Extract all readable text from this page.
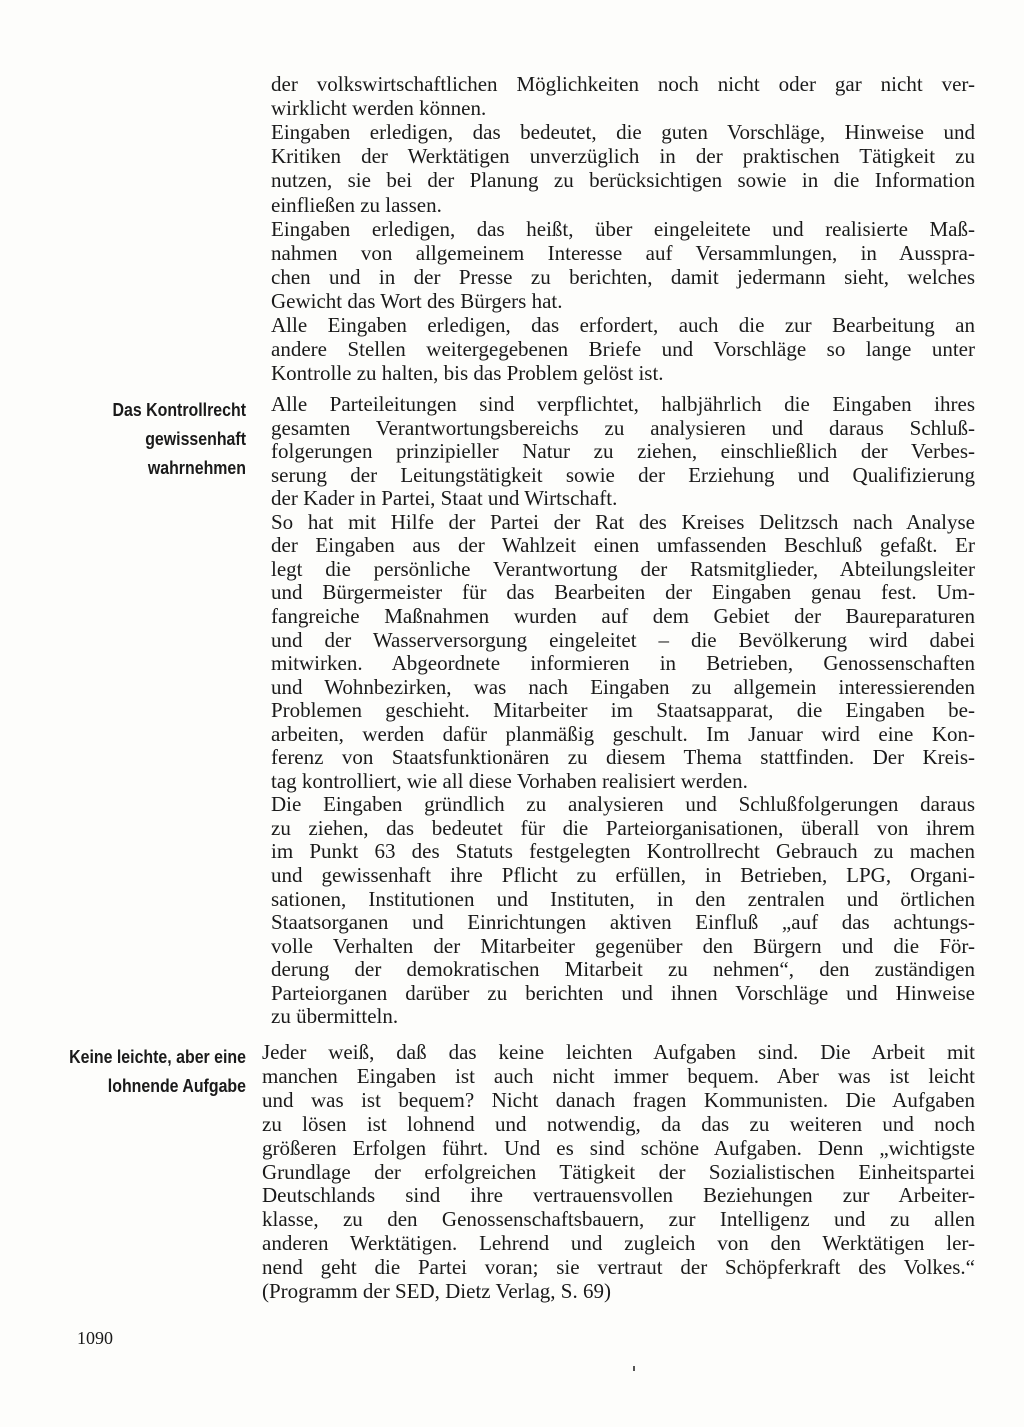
Das Kontrollrecht
gewissenhaft
wahrnehmen
Keine leichte, aber eine
lohnende Aufgabe
der volkswirtschaftlichen Möglichkeiten noch nicht oder gar nicht ver-
wirklicht werden können.
Eingaben erledigen, das bedeutet, die guten Vorschläge, Hinweise und
Kritiken der Werktätigen unverzüglich in der praktischen Tätigkeit zu
nutzen, sie bei der Planung zu berücksichtigen sowie in die Information
einfließen zu lassen.
Eingaben erledigen, das heißt, über eingeleitete und realisierte Maß-
nahmen von allgemeinem Interesse auf Versammlungen, in Ausspra-
chen und in der Presse zu berichten, damit jedermann sieht, welches
Gewicht das Wort des Bürgers hat.
Alle Eingaben erledigen, das erfordert, auch die zur Bearbeitung an
andere Stellen weitergegebenen Briefe und Vorschläge so lange unter
Kontrolle zu halten, bis das Problem gelöst ist.
Alle Parteileitungen sind verpflichtet, halbjährlich die Eingaben ihres
gesamten Verantwortungsbereichs zu analysieren und daraus Schluß-
folgerungen prinzipieller Natur zu ziehen, einschließlich der Verbes-
serung der Leitungstätigkeit sowie der Erziehung und Qualifizierung
der Kader in Partei, Staat und Wirtschaft.
So hat mit Hilfe der Partei der Rat des Kreises Delitzsch nach Analyse
der Eingaben aus der Wahlzeit einen umfassenden Beschluß gefaßt. Er
legt die persönliche Verantwortung der Ratsmitglieder, Abteilungsleiter
und Bürgermeister für das Bearbeiten der Eingaben genau fest. Um-
fangreiche Maßnahmen wurden auf dem Gebiet der Baureparaturen
und der Wasserversorgung eingeleitet – die Bevölkerung wird dabei
mitwirken. Abgeordnete informieren in Betrieben, Genossenschaften
und Wohnbezirken, was nach Eingaben zu allgemein interessierenden
Problemen geschieht. Mitarbeiter im Staatsapparat, die Eingaben be-
arbeiten, werden dafür planmäßig geschult. Im Januar wird eine Kon-
ferenz von Staatsfunktionären zu diesem Thema stattfinden. Der Kreis-
tag kontrolliert, wie all diese Vorhaben realisiert werden.
Die Eingaben gründlich zu analysieren und Schlußfolgerungen daraus
zu ziehen, das bedeutet für die Parteiorganisationen, überall von ihrem
im Punkt 63 des Statuts festgelegten Kontrollrecht Gebrauch zu machen
und gewissenhaft ihre Pflicht zu erfüllen, in Betrieben, LPG, Organi-
sationen, Institutionen und Instituten, in den zentralen und örtlichen
Staatsorganen und Einrichtungen aktiven Einfluß „auf das achtungs-
volle Verhalten der Mitarbeiter gegenüber den Bürgern und die För-
derung der demokratischen Mitarbeit zu nehmen“, den zuständigen
Parteiorganen darüber zu berichten und ihnen Vorschläge und Hinweise
zu übermitteln.
Jeder weiß, daß das keine leichten Aufgaben sind. Die Arbeit mit
manchen Eingaben ist auch nicht immer bequem. Aber was ist leicht
und was ist bequem? Nicht danach fragen Kommunisten. Die Aufgaben
zu lösen ist lohnend und notwendig, da das zu weiteren und noch
größeren Erfolgen führt. Und es sind schöne Aufgaben. Denn „wichtigste
Grundlage der erfolgreichen Tätigkeit der Sozialistischen Einheitspartei
Deutschlands sind ihre vertrauensvollen Beziehungen zur Arbeiter-
klasse, zu den Genossenschaftsbauern, zur Intelligenz und zu allen
anderen Werktätigen. Lehrend und zugleich von den Werktätigen ler-
nend geht die Partei voran; sie vertraut der Schöpferkraft des Volkes.“
(Programm der SED, Dietz Verlag, S. 69)
1090
